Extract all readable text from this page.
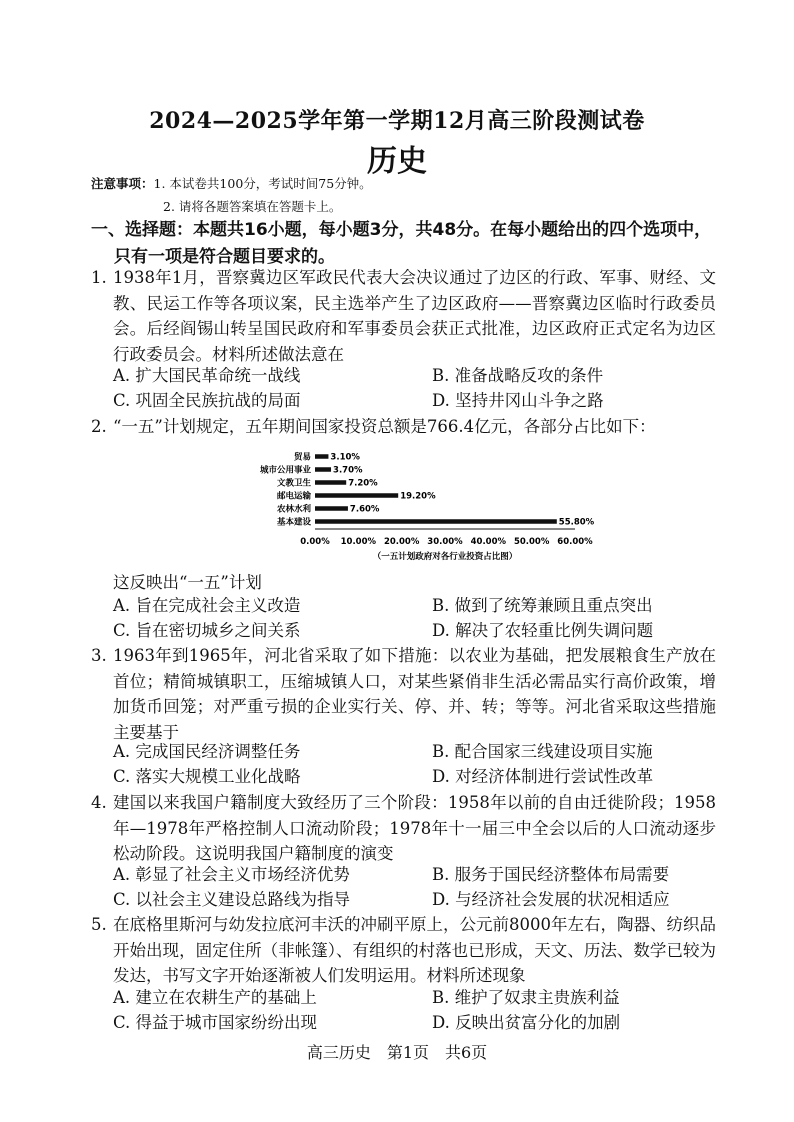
2024—2025学年第一学期12月高三阶段测试卷
历史
注意事项：1. 本试卷共100分，考试时间75分钟。
2. 请将各题答案填在答题卡上。
一、选择题：本题共16小题，每小题3分，共48分。在每小题给出的四个选项中，
只有一项是符合题目要求的。
1. 1938年1月，晋察冀边区军政民代表大会决议通过了边区的行政、军事、财经、文教、民运工作等各项议案，民主选举产生了边区政府——晋察冀边区临时行政委员会。后经阎锡山转呈国民政府和军事委员会获正式批准，边区政府正式定名为边区行政委员会。材料所述做法意在
A. 扩大国民革命统一战线	B. 准备战略反攻的条件
C. 巩固全民族抗战的局面	D. 坚持井冈山斗争之路
2. “一五”计划规定，五年期间国家投资总额是766.4亿元，各部分占比如下：
贸易
城市公用事业
文教卫生
邮电运输
农林水利
基本建设
3.10%
3.70%
7.20%
19.20%
7.60%
55.80%
0.00% 10.00% 20.00% 30.00% 40.00% 50.00% 60.00%
（一五计划政府对各行业投资占比图）
这反映出“一五”计划
A. 旨在完成社会主义改造	B. 做到了统筹兼顾且重点突出
C. 旨在密切城乡之间关系	D. 解决了农轻重比例失调问题
3. 1963年到1965年，河北省采取了如下措施：以农业为基础，把发展粮食生产放在首位；精简城镇职工，压缩城镇人口，对某些紧俏非生活必需品实行高价政策，增加货币回笼；对严重亏损的企业实行关、停、并、转；等等。河北省采取这些措施主要基于
A. 完成国民经济调整任务	B. 配合国家三线建设项目实施
C. 落实大规模工业化战略	D. 对经济体制进行尝试性改革
4. 建国以来我国户籍制度大致经历了三个阶段：1958年以前的自由迁徙阶段；1958年—1978年严格控制人口流动阶段；1978年十一届三中全会以后的人口流动逐步松动阶段。这说明我国户籍制度的演变
A. 彰显了社会主义市场经济优势	B. 服务于国民经济整体布局需要
C. 以社会主义建设总路线为指导	D. 与经济社会发展的状况相适应
5. 在底格里斯河与幼发拉底河丰沃的冲刷平原上，公元前8000年左右，陶器、纺织品开始出现，固定住所（非帐篷）、有组织的村落也已形成，天文、历法、数学已较为发达，书写文字开始逐渐被人们发明运用。材料所述现象
A. 建立在农耕生产的基础上	B. 维护了奴隶主贵族利益
C. 得益于城市国家纷纷出现	D. 反映出贫富分化的加剧
高三历史　第1页　共6页
